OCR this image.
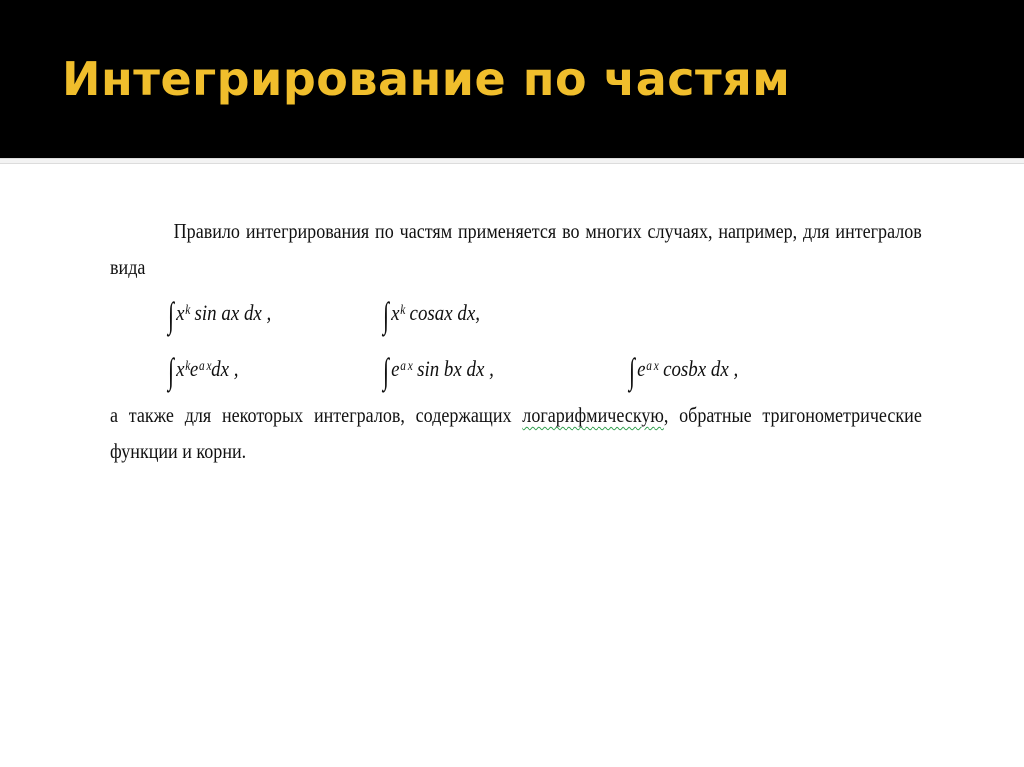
Интегрирование по частям

Правило интегрирования по частям применяется во многих случаях, например, для интегралов вида

∫xᵏ sin ax dx ,	∫xᵏ cosax dx,
∫xᵏeᵃˣdx ,	∫eᵃˣ sin bx dx ,	∫eᵃˣ cosbx dx ,

а также для некоторых интегралов, содержащих логарифмическую, обратные тригонометрические функции и корни.
